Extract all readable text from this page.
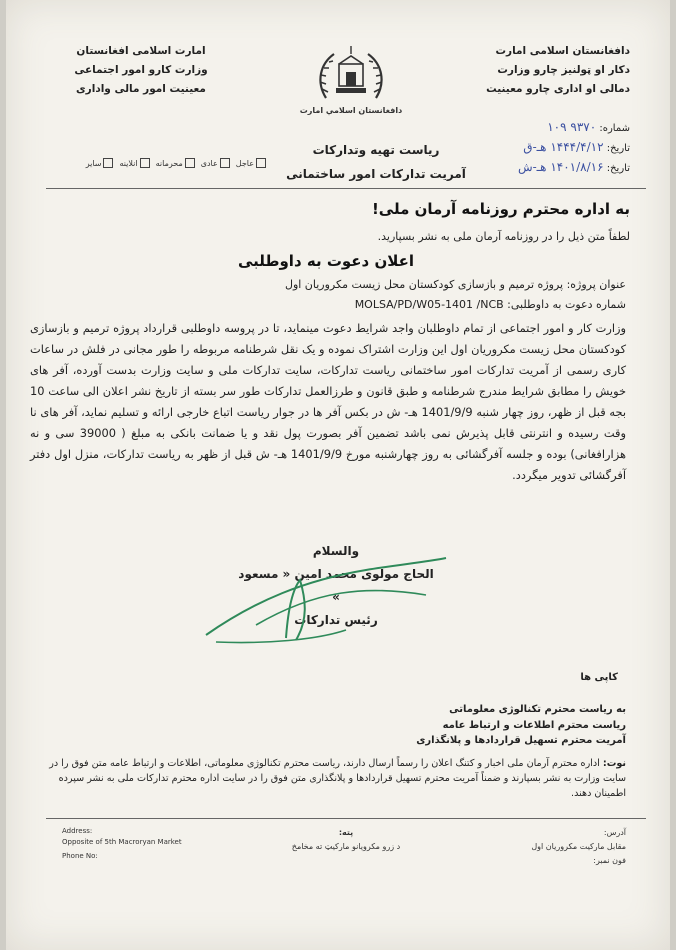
امارت اسلامی افغانستان
وزارت کارو امور اجتماعی
معینیت امور مالی واداری
دافغانستان اسلامي امارت
دافغانستان اسلامی امارت
دکار او ټولنیز چارو وزارت
دمالی او اداری چارو معینیت
شماره: ۹۳۷۰ ۱۰۹
تاریخ: ۱۴۴۴/۴/۱۲ هـ-ق
تاریخ: ۱۴۰۱/۸/۱۶ هـ-ش
ریاست تهیه وتدارکات
آمریت تدارکات امور ساختمانی
عاجل
عادی
محرمانه
انلاینه
سایر
به اداره محترم روزنامه آرمان ملی!
لطفاً متن ذیل را در روزنامه آرمان ملی به نشر بسپارید.
اعلان دعوت به داوطلبی
عنوان پروژه: پروژه ترمیم و بازسازی کودکستان محل زیست مکروریان اول
شماره دعوت به داوطلبی: MOLSA/PD/W05-1401 /NCB
وزارت کار و امور اجتماعی از تمام داوطلبان واجد شرایط دعوت مینماید، تا در پروسه داوطلبی قرارداد پروژه ترمیم و بازسازی کودکستان محل زیست مکروریان اول این وزارت اشتراک نموده و یک نقل شرطنامه مربوطه را طور مجانی در فلش در ساعات کاری رسمی از آمریت تدارکات امور ساختمانی ریاست تدارکات، سایت تدارکات ملی و سایت وزارت بدست آورده، آفر های خویش را مطابق شرایط مندرج شرطنامه و طبق قانون و طرزالعمل تدارکات طور سر بسته از تاریخ نشر اعلان الی ساعت 10 بجه قبل از ظهر، روز چهار شنبه 1401/9/9 هـ- ش در بکس آفر ها در جوار ریاست اتباع خارجی ارائه و تسلیم نماید، آفر های نا وقت رسیده و انترنتی قابل پذیرش نمی باشد تضمین آفر بصورت پول نقد و یا ضمانت بانکی به مبلغ ( 39000 سی و نه هزارافغانی) بوده و جلسه آفرگشائی به روز چهارشنبه مورخ 1401/9/9 هـ- ش قبل از ظهر به ریاست تدارکات، منزل اول دفتر آفرگشائی تدویر میگردد.
والسلام
الحاج مولوی محمد امین « مسعود »
رئیس تدارکات
کاپی ها
به ریاست محترم تکنالوژی معلوماتی
ریاست محترم اطلاعات و ارتباط عامه
آمریت محترم تسهیل قراردادها و پلانگذاری
نوت: اداره محترم آرمان ملی اخبار و کتنگ اعلان را رسماً ارسال دارند، ریاست محترم تکنالوژی معلوماتی، اطلاعات و ارتباط عامه متن فوق را در سایت وزارت به نشر بسپارند و ضمناً آمریت محترم تسهیل قراردادها و پلانگذاری متن فوق را در سایت اداره محترم تدارکات ملی به نشر سپرده اطمینان دهند.
Address:
Opposite of 5th Macroryan Market
Phone No:
پته:
د زرو مکرویانو مارکیټ ته مخامخ
آدرس:
مقابل مارکیت مکروریان اول
فون نمبر:
